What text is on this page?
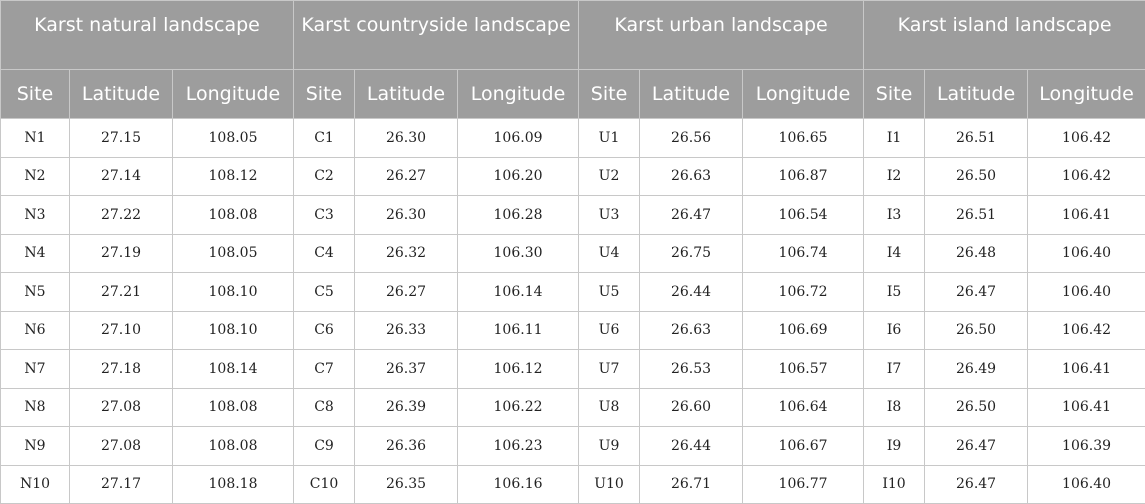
Karst natural landscape			Karst countryside landscape			Karst urban landscape			Karst island landscape		
Site	Latitude	Longitude	Site	Latitude	Longitude	Site	Latitude	Longitude	Site	Latitude	Longitude
N1	27.15	108.05	C1	26.30	106.09	U1	26.56	106.65	I1	26.51	106.42
N2	27.14	108.12	C2	26.27	106.20	U2	26.63	106.87	I2	26.50	106.42
N3	27.22	108.08	C3	26.30	106.28	U3	26.47	106.54	I3	26.51	106.41
N4	27.19	108.05	C4	26.32	106.30	U4	26.75	106.74	I4	26.48	106.40
N5	27.21	108.10	C5	26.27	106.14	U5	26.44	106.72	I5	26.47	106.40
N6	27.10	108.10	C6	26.33	106.11	U6	26.63	106.69	I6	26.50	106.42
N7	27.18	108.14	C7	26.37	106.12	U7	26.53	106.57	I7	26.49	106.41
N8	27.08	108.08	C8	26.39	106.22	U8	26.60	106.64	I8	26.50	106.41
N9	27.08	108.08	C9	26.36	106.23	U9	26.44	106.67	I9	26.47	106.39
N10	27.17	108.18	C10	26.35	106.16	U10	26.71	106.77	I10	26.47	106.40
